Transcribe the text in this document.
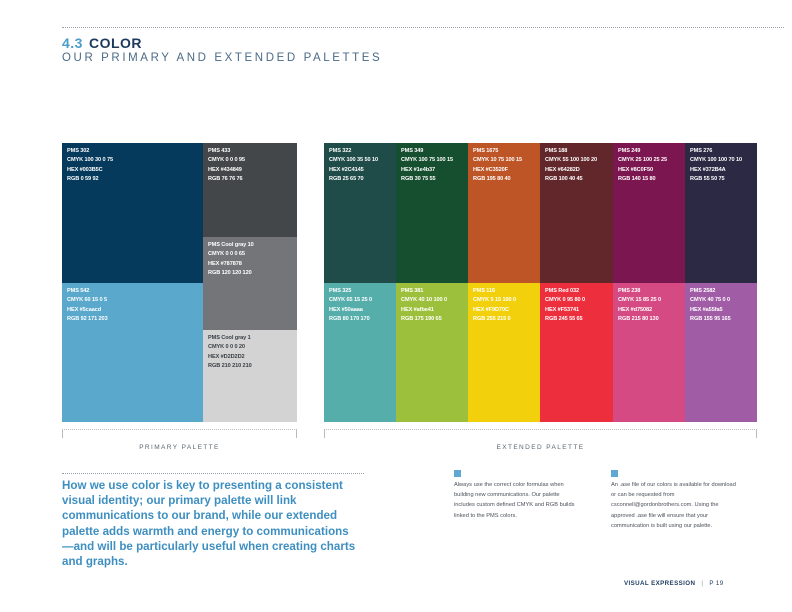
4.3 COLOR
OUR PRIMARY AND EXTENDED PALETTES
PMS 302
CMYK 100 30 0 75
HEX #003B5C
RGB 0 59 92
PMS 433
CMYK 0 0 0 95
HEX #434849
RGB 76 76 76
PMS Cool gray 10
CMYK 0 0 0 65
HEX #787878
RGB 120 120 120
PMS 542
CMYK 60 15 0 5
HEX #5caacd
RGB 92 171 203
PMS Cool gray 1
CMYK 0 0 0 20
HEX #D2D2D2
RGB 210 210 210
PMS 322
CMYK 100 35 50 10
HEX #2C4145
RGB 25 65 70
PMS 349
CMYK 100 75 100 15
HEX #1e4b37
RGB 30 75 55
PMS 1675
CMYK 10 75 100 15
HEX #C3520F
RGB 195 80 40
PMS 188
CMYK 55 100 100 20
HEX #64282D
RGB 100 40 45
PMS 249
CMYK 25 100 25 25
HEX #8C0F50
RGB 140 15 80
PMS 276
CMYK 100 100 70 10
HEX #372B4A
RGB 55 50 75
PMS 325
CMYK 65 15 25 0
HEX #50aaaa
RGB 80 170 170
PMS 381
CMYK 40 10 100 0
HEX #afbe41
RGB 175 190 65
PMS 116
CMYK 5 15 100 0
HEX #F9D70C
RGB 255 215 0
PMS Red 032
CMYK 0 95 80 0
HEX #F53741
RGB 245 55 65
PMS 238
CMYK 15 85 25 0
HEX #d75082
RGB 215 80 130
PMS 2582
CMYK 40 75 0 0
HEX #a55fa5
RGB 155 95 165
PRIMARY PALETTE	EXTENDED PALETTE
How we use color is key to presenting a consistent visual identity; our primary palette will link communications to our brand, while our extended palette adds warmth and energy to communications—and will be particularly useful when creating charts and graphs.
Always use the correct color formulas when building new communications. Our palette includes custom defined CMYK and RGB builds linked to the PMS colors.
An .ase file of our colors is available for download or can be requested from csconnell@gordonbrothers.com. Using the approved .ase file will ensure that your communication is built using our palette.
VISUAL EXPRESSION | P 19
